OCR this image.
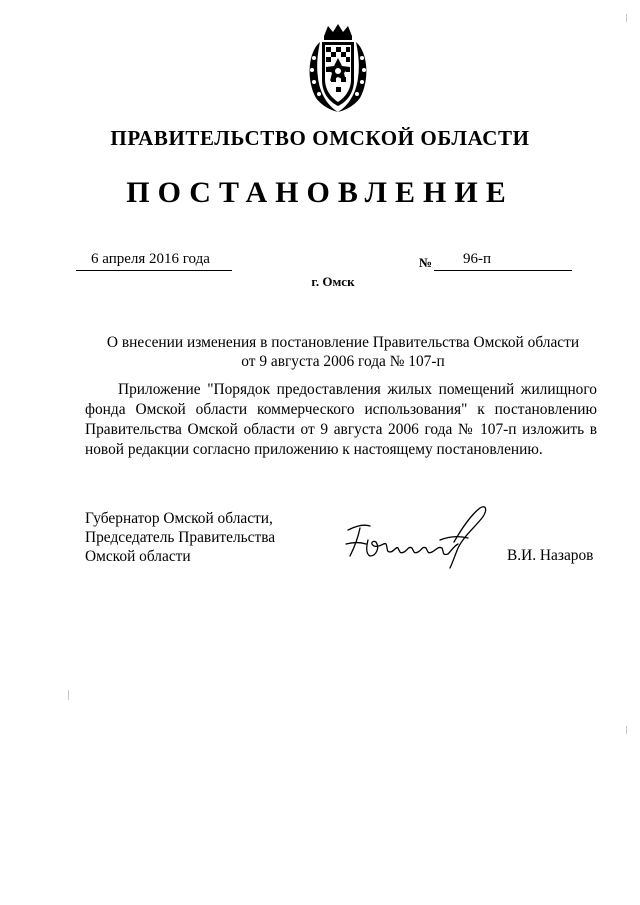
ПРАВИТЕЛЬСТВО ОМСКОЙ ОБЛАСТИ
ПОСТАНОВЛЕНИЕ
6 апреля 2016 года	№ 96-п
г. Омск
О внесении изменения в постановление Правительства Омской области
от 9 августа 2006 года № 107-п
Приложение "Порядок предоставления жилых помещений жилищного фонда Омской области коммерческого использования" к постановлению Правительства Омской области от 9 августа 2006 года № 107-п изложить в новой редакции согласно приложению к настоящему постановлению.
Губернатор Омской области,
Председатель Правительства
Омской области	В.И. Назаров
